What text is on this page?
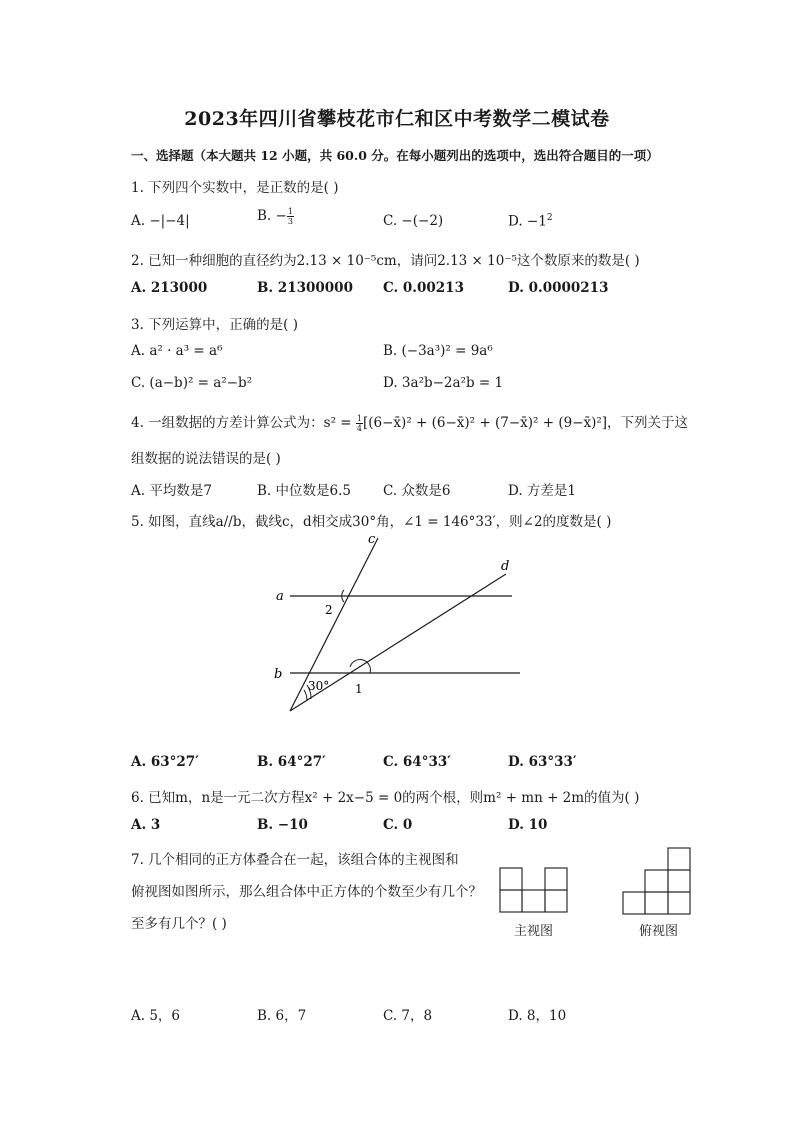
2023年四川省攀枝花市仁和区中考数学二模试卷
一、选择题（本大题共 12 小题，共 60.0 分。在每小题列出的选项中，选出符合题目的一项）
1. 下列四个实数中，是正数的是( )
A. −|−4|	B. − $\frac{1}{3}$	C. −(−2)	D. $-1^2$
2. 已知一种细胞的直径约为2.13 × 10⁻⁵cm，请问2.13 × 10⁻⁵这个数原来的数是( )
A. 213000	B. 21300000 C. 0.00213	D. 0.0000213
3. 下列运算中，正确的是( )
A. a² · a³ = a⁶	B. (−3a³)² = 9a⁶
C. (a−b)² = a²−b²	D. 3a²b−2a²b = 1
4. 一组数据的方差计算公式为：$s^2 = \frac{1}{4}$ [(6−x̄)² + (6−x̄)² + (7−x̄)² + (9−x̄)²]，下列关于这
组数据的说法错误的是( )
A. 平均数是7	B. 中位数是6.5 C. 众数是6	D. 方差是1
5. 如图，直线a//b，截线c，d相交成30°角，∠1 = 146°33′，则∠2的度数是( )
c
d
a
b
2
1
30°
A. 63°27′	B. 64°27′	C. 64°33′	D. 63°33′
6. 已知m，n是一元二次方程x² + 2x−5 = 0的两个根，则m² + mn + 2m的值为( )
A. 3	B. −10	C. 0	D. 10
7. 几个相同的正方体叠合在一起，该组合体的主视图和
俯视图如图所示，那么组合体中正方体的个数至少有几个？
至多有几个？( )	主视图	俯视图
A. 5，6	B. 6，7	C. 7，8	D. 8，10
